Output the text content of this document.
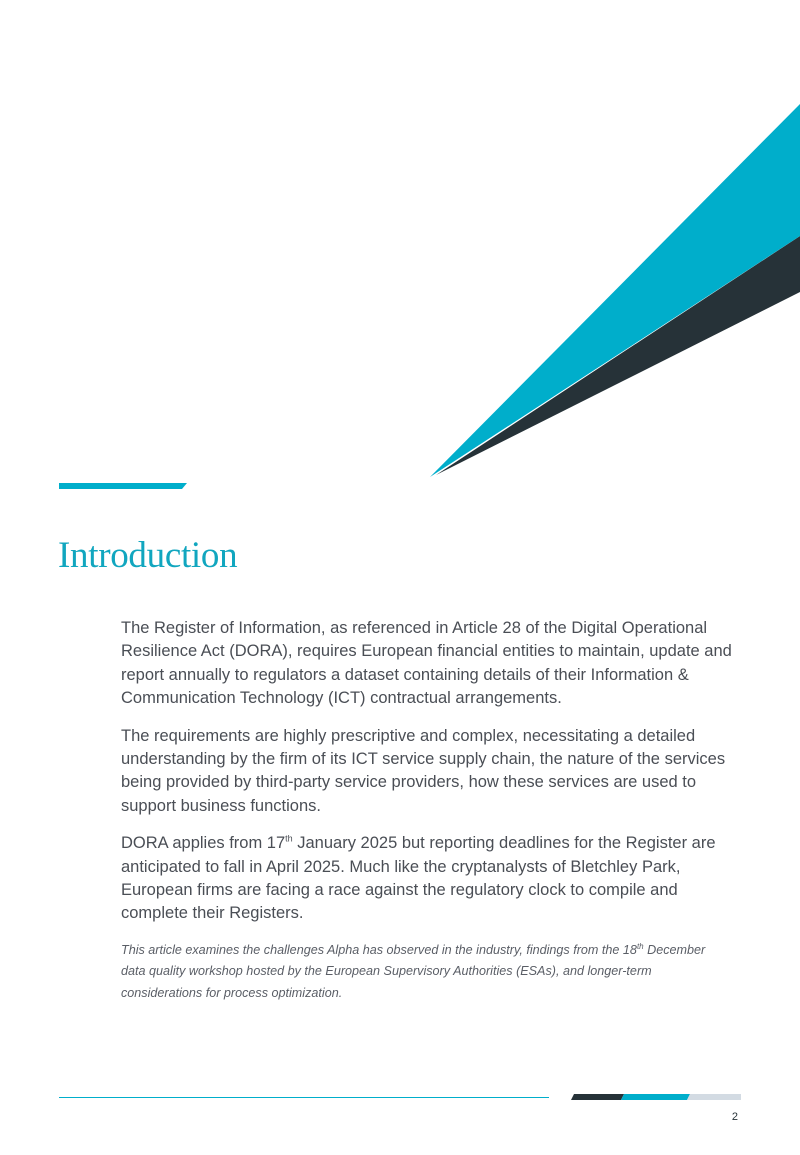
Introduction

The Register of Information, as referenced in Article 28 of the Digital Operational Resilience Act (DORA), requires European financial entities to maintain, update and report annually to regulators a dataset containing details of their Information & Communication Technology (ICT) contractual arrangements.

The requirements are highly prescriptive and complex, necessitating a detailed understanding by the firm of its ICT service supply chain, the nature of the services being provided by third-party service providers, how these services are used to support business functions.

DORA applies from 17th January 2025 but reporting deadlines for the Register are anticipated to fall in April 2025. Much like the cryptanalysts of Bletchley Park, European firms are facing a race against the regulatory clock to compile and complete their Registers.

This article examines the challenges Alpha has observed in the industry, findings from the 18th December data quality workshop hosted by the European Supervisory Authorities (ESAs), and longer-term considerations for process optimization.

2
